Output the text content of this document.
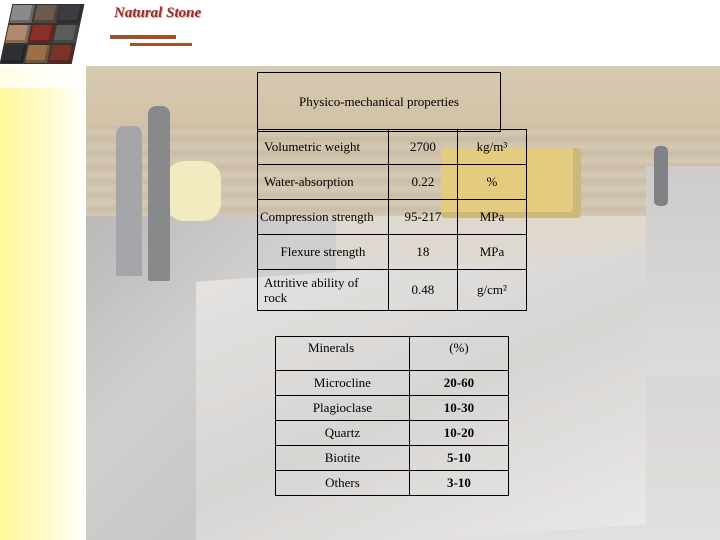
Natural Stone
Physico-mechanical properties
Volumetric weight	2700	kg/m³
Water-absorption	0.22	%
Compression strength	95-217	MPa
Flexure strength	18	MPa
Attritive ability of rock	0.48	g/cm²
Minerals	(%)
Microcline	20-60
Plagioclase	10-30
Quartz	10-20
Biotite	5-10
Others	3-10
